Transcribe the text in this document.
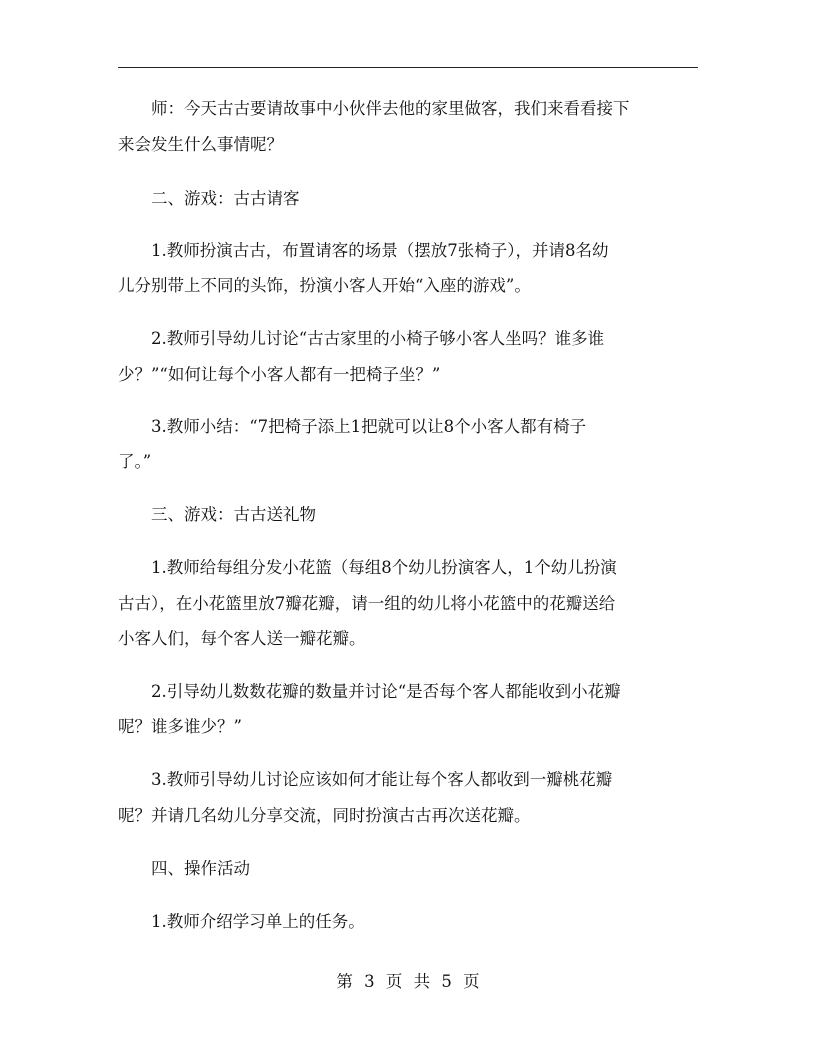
　　师：今天古古要请故事中小伙伴去他的家里做客，我们来看看接下

来会发生什么事情呢？

　　二、游戏：古古请客

　　1.教师扮演古古，布置请客的场景（摆放7张椅子），并请8名幼

儿分别带上不同的头饰，扮演小客人开始“入座的游戏”。

　　2.教师引导幼儿讨论“古古家里的小椅子够小客人坐吗？谁多谁

少？”“如何让每个小客人都有一把椅子坐？”

　　3.教师小结：“7把椅子添上1把就可以让8个小客人都有椅子

了。”

　　三、游戏：古古送礼物

　　1.教师给每组分发小花篮（每组8个幼儿扮演客人，1个幼儿扮演

古古），在小花篮里放7瓣花瓣，请一组的幼儿将小花篮中的花瓣送给

小客人们，每个客人送一瓣花瓣。

　　2.引导幼儿数数花瓣的数量并讨论“是否每个客人都能收到小花瓣

呢？谁多谁少？”

　　3.教师引导幼儿讨论应该如何才能让每个客人都收到一瓣桃花瓣

呢？并请几名幼儿分享交流，同时扮演古古再次送花瓣。

　　四、操作活动

　　1.教师介绍学习单上的任务。

第 3 页 共 5 页
